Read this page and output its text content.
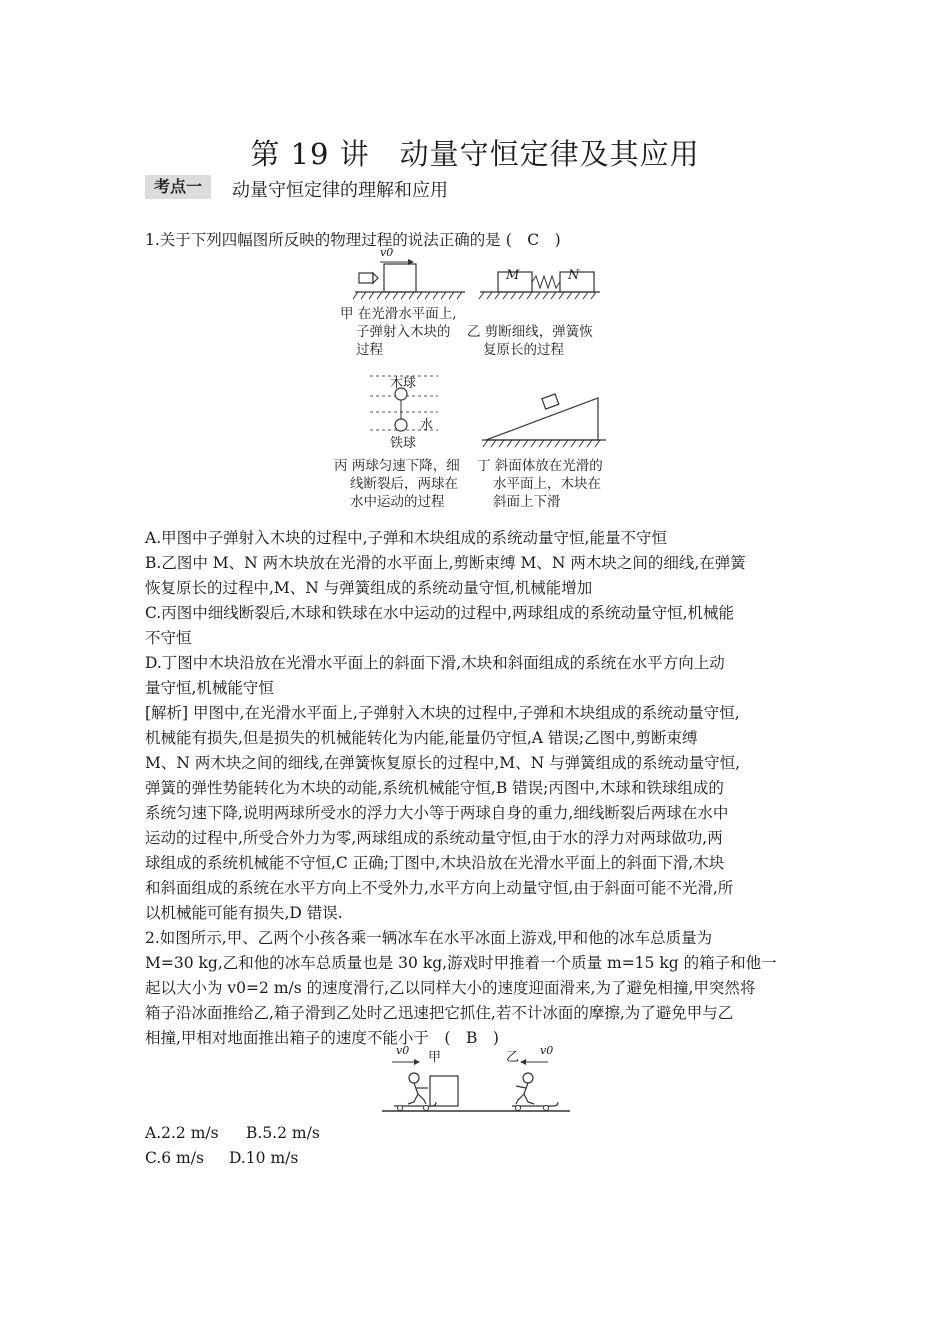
第 19 讲　动量守恒定律及其应用
考点一	动量守恒定律的理解和应用
1.关于下列四幅图所反映的物理过程的说法正确的是 (　C　)
v0
M	N
甲 在光滑水平面上,
子弹射入木块的
过程
乙 剪断细线，弹簧恢
复原长的过程
木球
水
铁球
丙 两球匀速下降，细
线断裂后，两球在
水中运动的过程
丁 斜面体放在光滑的
水平面上，木块在
斜面上下滑
A.甲图中子弹射入木块的过程中,子弹和木块组成的系统动量守恒,能量不守恒
B.乙图中 M、N 两木块放在光滑的水平面上,剪断束缚 M、N 两木块之间的细线,在弹簧
恢复原长的过程中,M、N 与弹簧组成的系统动量守恒,机械能增加
C.丙图中细线断裂后,木球和铁球在水中运动的过程中,两球组成的系统动量守恒,机械能
不守恒
D.丁图中木块沿放在光滑水平面上的斜面下滑,木块和斜面组成的系统在水平方向上动
量守恒,机械能守恒
[解析] 甲图中,在光滑水平面上,子弹射入木块的过程中,子弹和木块组成的系统动量守恒,
机械能有损失,但是损失的机械能转化为内能,能量仍守恒,A 错误;乙图中,剪断束缚
M、N 两木块之间的细线,在弹簧恢复原长的过程中,M、N 与弹簧组成的系统动量守恒,
弹簧的弹性势能转化为木块的动能,系统机械能守恒,B 错误;丙图中,木球和铁球组成的
系统匀速下降,说明两球所受水的浮力大小等于两球自身的重力,细线断裂后两球在水中
运动的过程中,所受合外力为零,两球组成的系统动量守恒,由于水的浮力对两球做功,两
球组成的系统机械能不守恒,C 正确;丁图中,木块沿放在光滑水平面上的斜面下滑,木块
和斜面组成的系统在水平方向上不受外力,水平方向上动量守恒,由于斜面可能不光滑,所
以机械能可能有损失,D 错误.
2.如图所示,甲、乙两个小孩各乘一辆冰车在水平冰面上游戏,甲和他的冰车总质量为
M=30 kg,乙和他的冰车总质量也是 30 kg,游戏时甲推着一个质量 m=15 kg 的箱子和他一
起以大小为 v0=2 m/s 的速度滑行,乙以同样大小的速度迎面滑来,为了避免相撞,甲突然将
箱子沿冰面推给乙,箱子滑到乙处时乙迅速把它抓住,若不计冰面的摩擦,为了避免甲与乙
相撞,甲相对地面推出箱子的速度不能小于　(　B　)
v0 甲	乙 v0
A.2.2 m/s B.5.2 m/s
C.6 m/s D.10 m/s
